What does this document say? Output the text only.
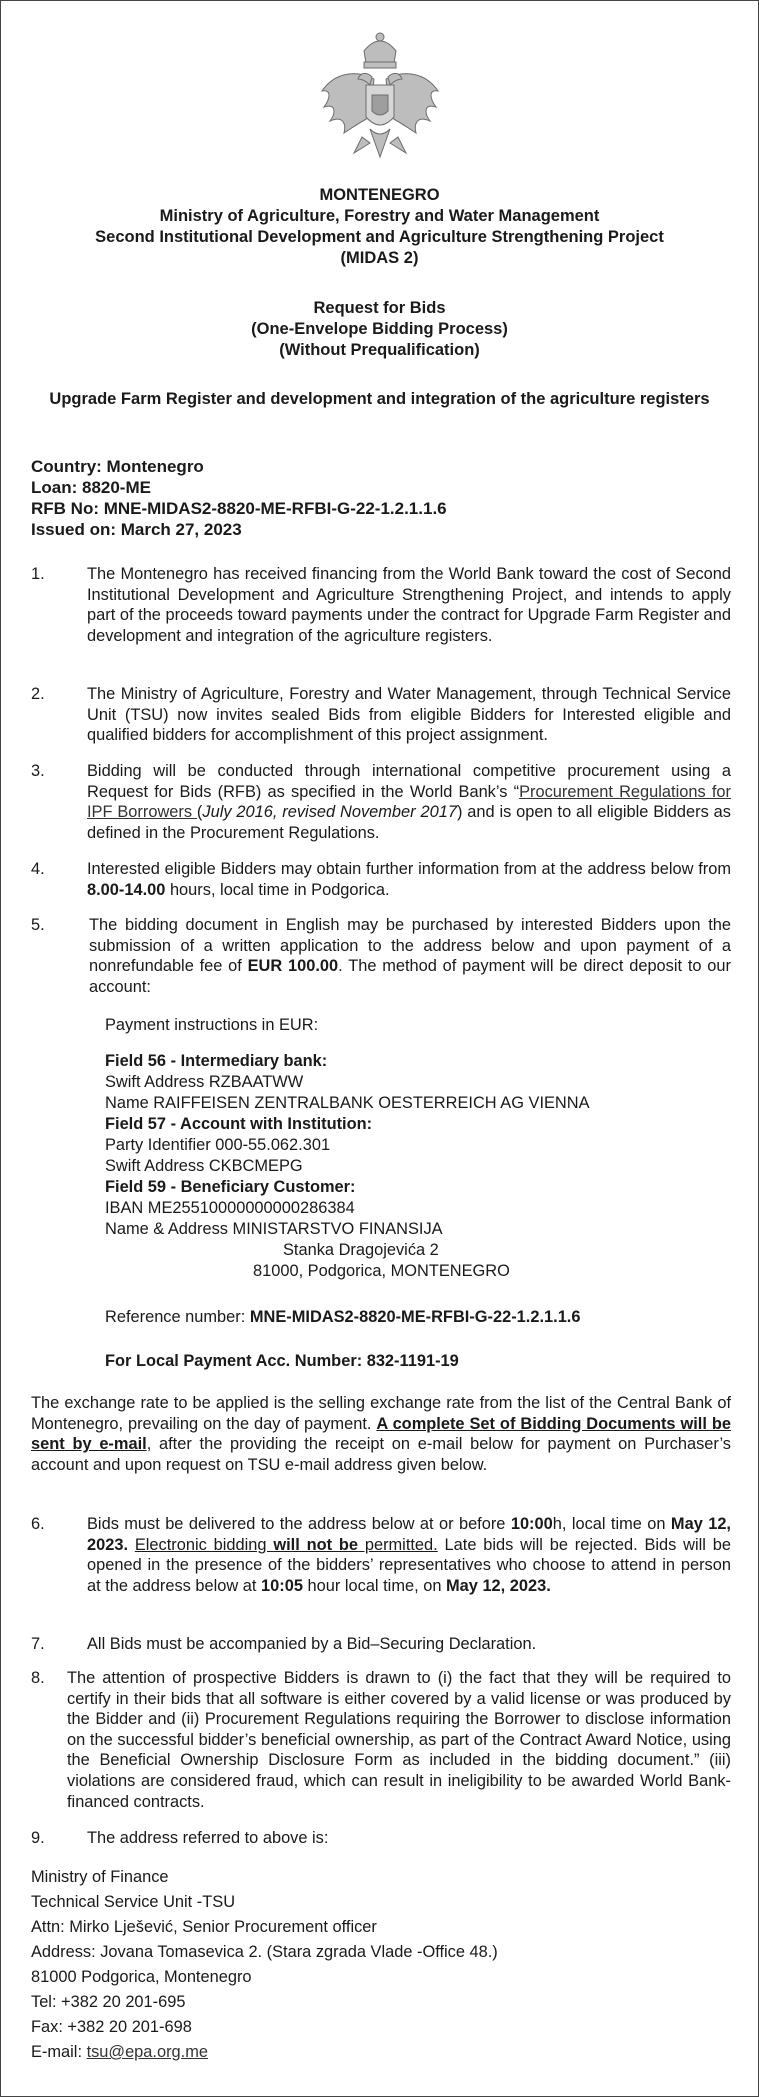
MONTENEGRO
Ministry of Agriculture, Forestry and Water Management
Second Institutional Development and Agriculture Strengthening Project
(MIDAS 2)
Request for Bids
(One-Envelope Bidding Process)
(Without Prequalification)
Upgrade Farm Register and development and integration of the agriculture registers
Country: Montenegro
Loan: 8820-ME
RFB No: MNE-MIDAS2-8820-ME-RFBI-G-22-1.2.1.1.6
Issued on: March 27, 2023
1.	The Montenegro has received financing from the World Bank toward the cost of Second Institutional Development and Agriculture Strengthening Project, and intends to apply part of the proceeds toward payments under the contract for Upgrade Farm Register and development and integration of the agriculture registers.
2.	The Ministry of Agriculture, Forestry and Water Management, through Technical Service Unit (TSU) now invites sealed Bids from eligible Bidders for Interested eligible and qualified bidders for accomplishment of this project assignment.
3.	Bidding will be conducted through international competitive procurement using a Request for Bids (RFB) as specified in the World Bank’s “Procurement Regulations for IPF Borrowers (July 2016, revised November 2017) and is open to all eligible Bidders as defined in the Procurement Regulations.
4.	Interested eligible Bidders may obtain further information from at the address below from 8.00-14.00 hours, local time in Podgorica.
5.	The bidding document in English may be purchased by interested Bidders upon the submission of a written application to the address below and upon payment of a nonrefundable fee of EUR 100.00. The method of payment will be direct deposit to our account:
Payment instructions in EUR:
Field 56 - Intermediary bank:
Swift Address RZBAATWW
Name RAIFFEISEN ZENTRALBANK OESTERREICH AG VIENNA
Field 57 - Account with Institution:
Party Identifier 000-55.062.301
Swift Address CKBCMEPG
Field 59 - Beneficiary Customer:
IBAN ME25510000000000286384
Name & Address MINISTARSTVO FINANSIJA
Stanka Dragojevića 2
81000, Podgorica, MONTENEGRO
Reference number: MNE-MIDAS2-8820-ME-RFBI-G-22-1.2.1.1.6
For Local Payment Acc. Number: 832-1191-19
The exchange rate to be applied is the selling exchange rate from the list of the Central Bank of Montenegro, prevailing on the day of payment. A complete Set of Bidding Documents will be sent by e-mail, after the providing the receipt on e-mail below for payment on Purchaser’s account and upon request on TSU e-mail address given below.
6.	Bids must be delivered to the address below at or before 10:00h, local time on May 12, 2023. Electronic bidding will not be permitted. Late bids will be rejected. Bids will be opened in the presence of the bidders’ representatives who choose to attend in person at the address below at 10:05 hour local time, on May 12, 2023.
7.	All Bids must be accompanied by a Bid–Securing Declaration.
8. The attention of prospective Bidders is drawn to (i) the fact that they will be required to certify in their bids that all software is either covered by a valid license or was produced by the Bidder and (ii) Procurement Regulations requiring the Borrower to disclose information on the successful bidder’s beneficial ownership, as part of the Contract Award Notice, using the Beneficial Ownership Disclosure Form as included in the bidding document.” (iii) violations are considered fraud, which can result in ineligibility to be awarded World Bank-financed contracts.
9.	The address referred to above is:
Ministry of Finance
Technical Service Unit -TSU
Attn: Mirko Lješević, Senior Procurement officer
Address: Jovana Tomasevica 2. (Stara zgrada Vlade -Office 48.)
81000 Podgorica, Montenegro
Tel: +382 20 201-695
Fax: +382 20 201-698
E-mail: tsu@epa.org.me
